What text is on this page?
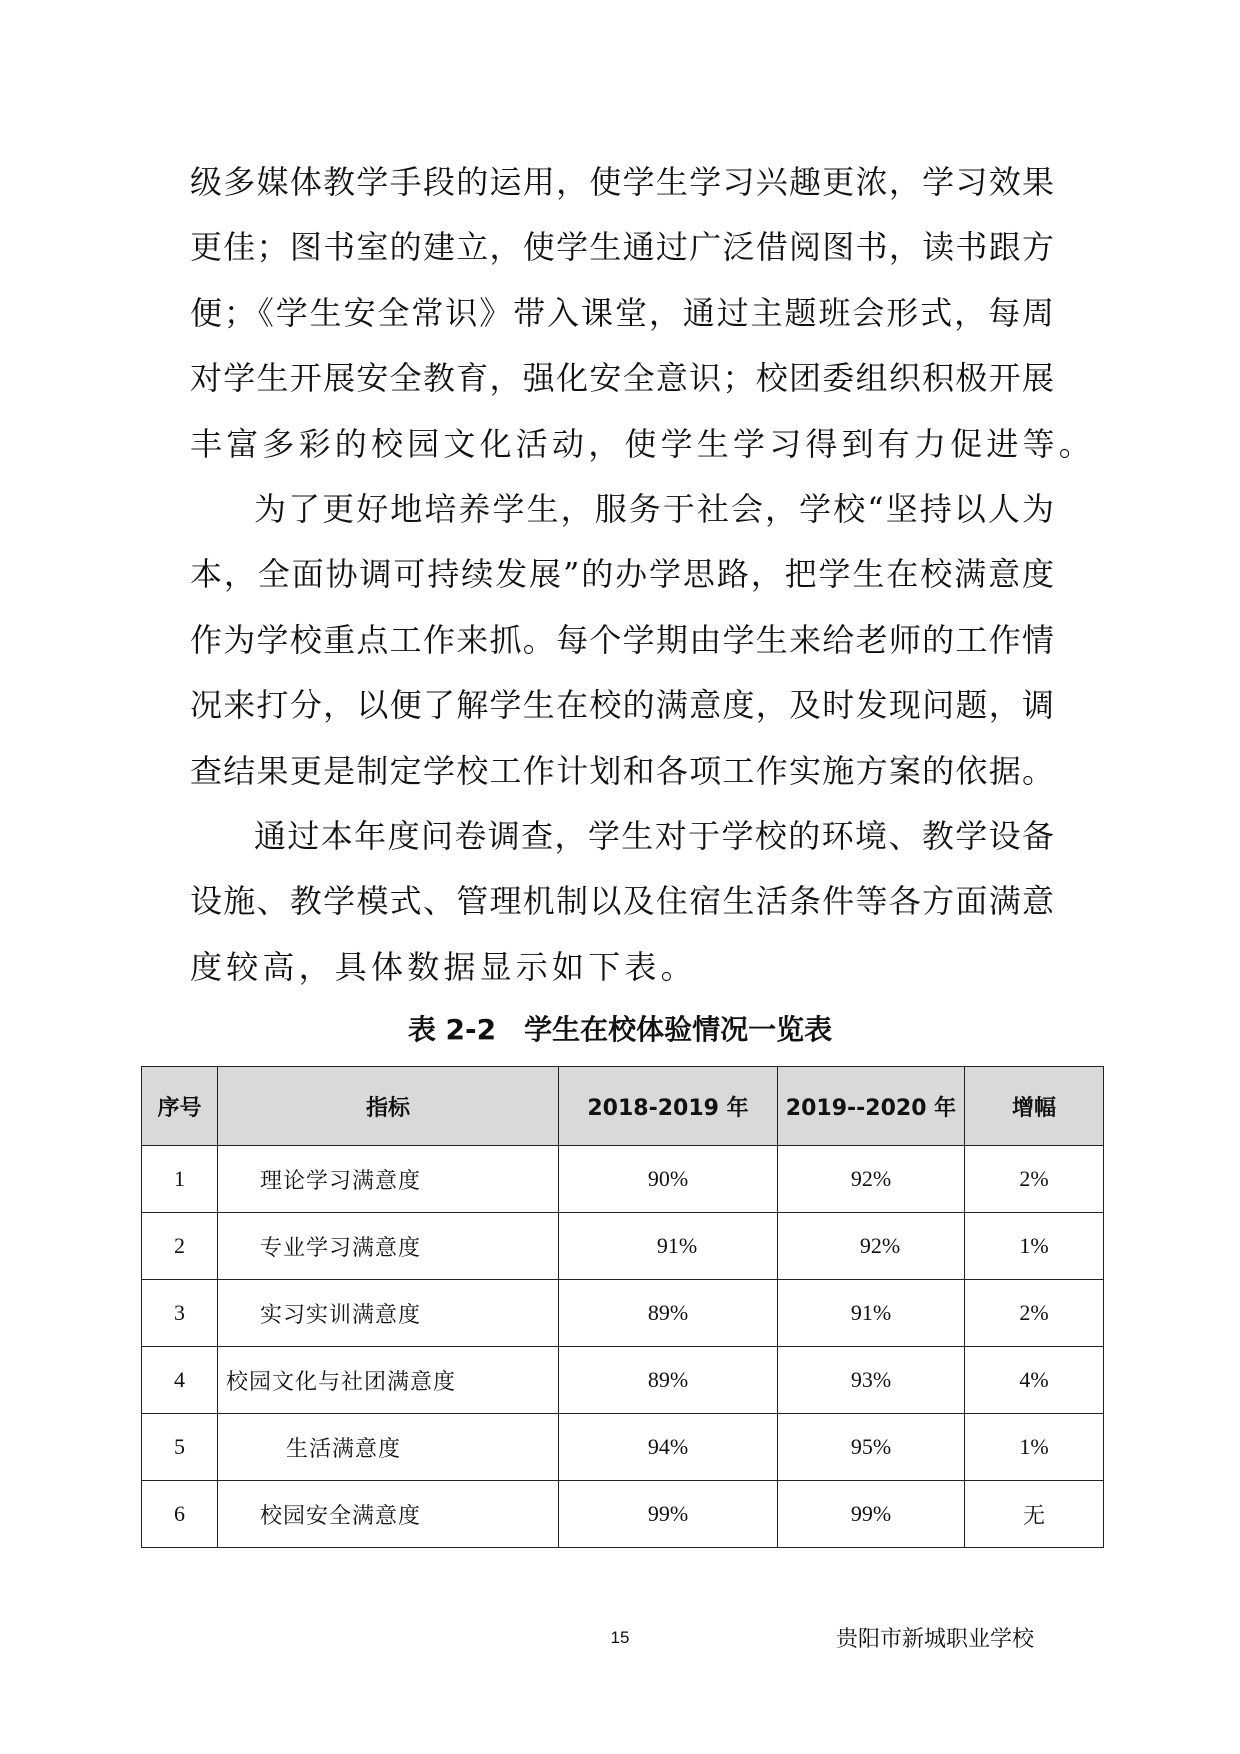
级多媒体教学手段的运用，使学生学习兴趣更浓，学习效果
更佳；图书室的建立，使学生通过广泛借阅图书，读书跟方
便；《学生安全常识》带入课堂，通过主题班会形式，每周
对学生开展安全教育，强化安全意识；校团委组织积极开展
丰富多彩的校园文化活动，使学生学习得到有力促进等。
为了更好地培养学生，服务于社会，学校“坚持以人为
本，全面协调可持续发展”的办学思路，把学生在校满意度
作为学校重点工作来抓。每个学期由学生来给老师的工作情
况来打分，以便了解学生在校的满意度，及时发现问题，调
查结果更是制定学校工作计划和各项工作实施方案的依据。
通过本年度问卷调查，学生对于学校的环境、教学设备
设施、教学模式、管理机制以及住宿生活条件等各方面满意
度较高，具体数据显示如下表。
表 2-2 学生在校体验情况一览表
序号	指标	2018-2019 年	2019--2020 年	增幅
1	理论学习满意度	90%	92%	2%
2	专业学习满意度	91%	92%	1%
3	实习实训满意度	89%	91%	2%
4	校园文化与社团满意度	89%	93%	4%
5	生活满意度	94%	95%	1%
6	校园安全满意度	99%	99%	无
15	贵阳市新城职业学校
